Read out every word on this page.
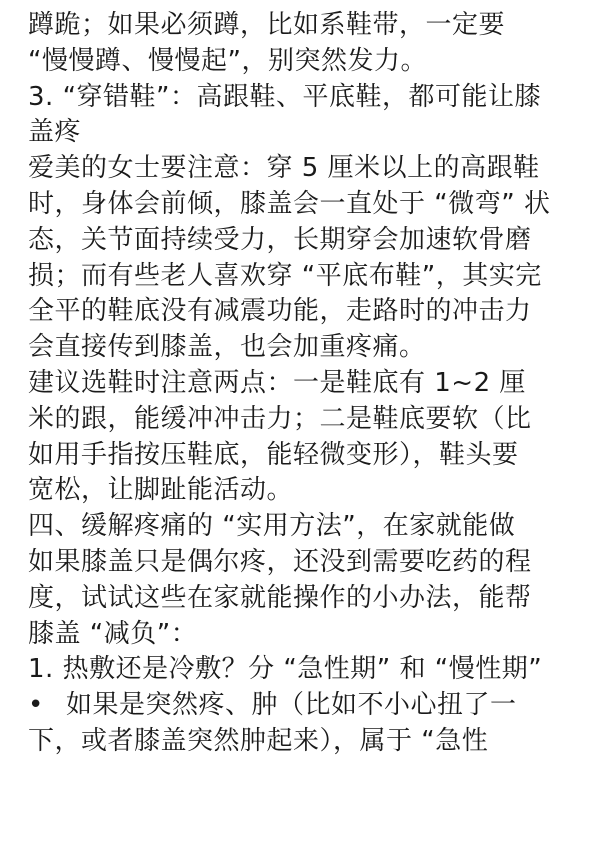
蹲跪；如果必须蹲，比如系鞋带，一定要
“慢慢蹲、慢慢起”，别突然发力。
3. “穿错鞋”：高跟鞋、平底鞋，都可能让膝
盖疼
爱美的女士要注意：穿 5 厘米以上的高跟鞋
时，身体会前倾，膝盖会一直处于 “微弯” 状
态，关节面持续受力，长期穿会加速软骨磨
损；而有些老人喜欢穿 “平底布鞋”，其实完
全平的鞋底没有减震功能，走路时的冲击力
会直接传到膝盖，也会加重疼痛。
建议选鞋时注意两点：一是鞋底有 1~2 厘
米的跟，能缓冲冲击力；二是鞋底要软（比
如用手指按压鞋底，能轻微变形），鞋头要
宽松，让脚趾能活动。
四、缓解疼痛的 “实用方法”，在家就能做
如果膝盖只是偶尔疼，还没到需要吃药的程
度，试试这些在家就能操作的小办法，能帮
膝盖 “减负”：
1. 热敷还是冷敷？分 “急性期” 和 “慢性期”
• 如果是突然疼、肿（比如不小心扭了一
下，或者膝盖突然肿起来），属于 “急性
